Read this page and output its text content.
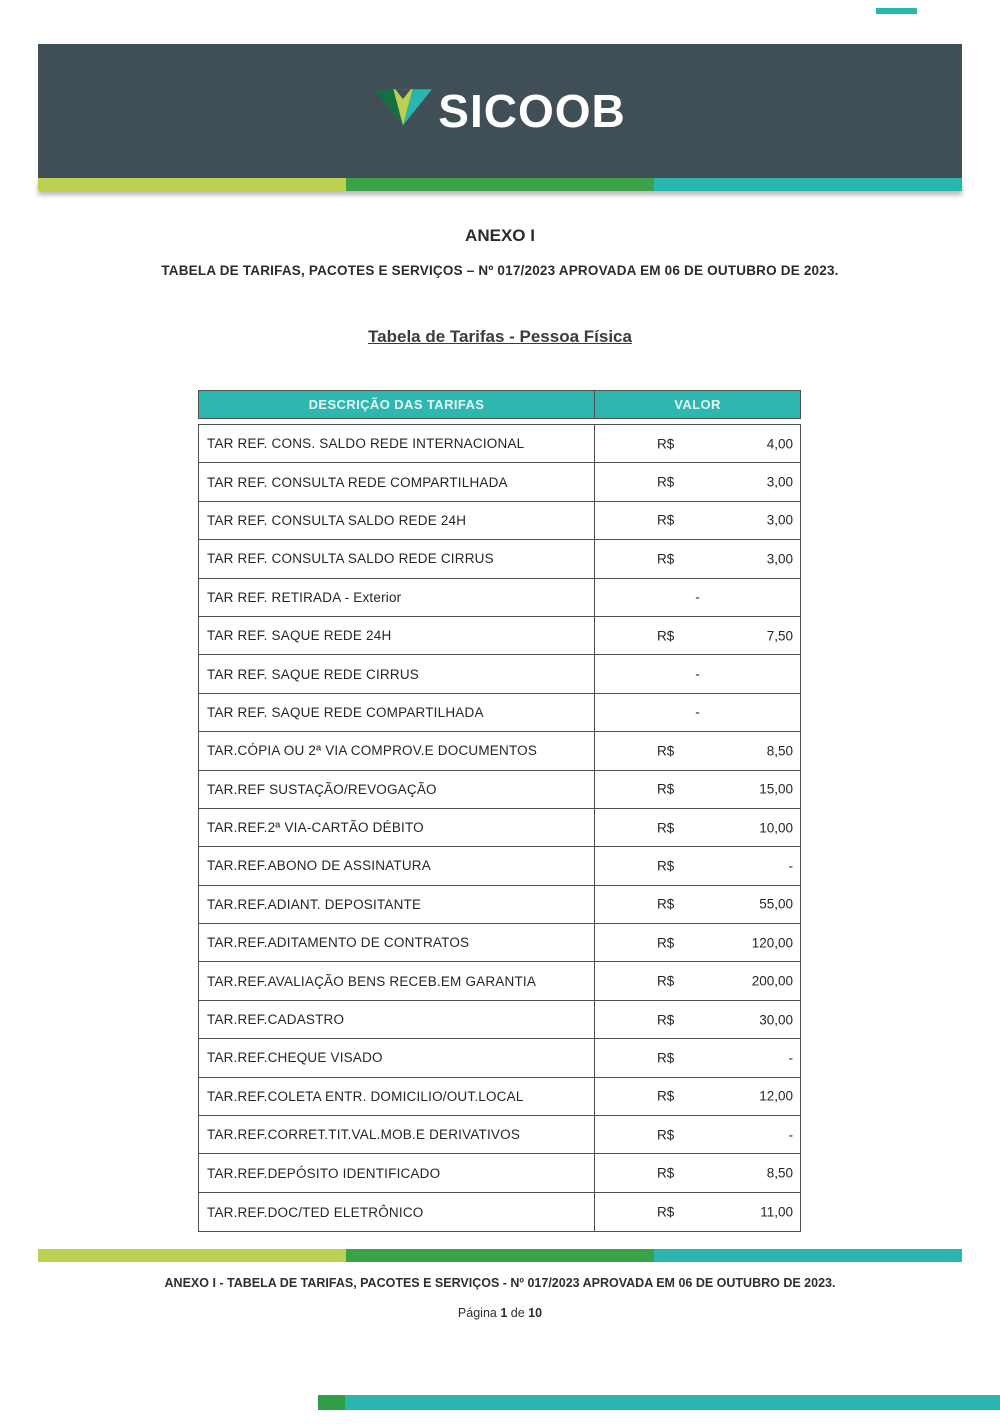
SICOOB
ANEXO I
TABELA DE TARIFAS, PACOTES E SERVIÇOS – Nº 017/2023 APROVADA EM 06 DE OUTUBRO DE 2023.
Tabela de Tarifas - Pessoa Física
DESCRIÇÃO DAS TARIFAS	VALOR
TAR REF. CONS. SALDO REDE INTERNACIONAL	R$	4,00
TAR REF. CONSULTA REDE COMPARTILHADA	R$	3,00
TAR REF. CONSULTA SALDO REDE 24H	R$	3,00
TAR REF. CONSULTA SALDO REDE CIRRUS	R$	3,00
TAR REF. RETIRADA - Exterior	-
TAR REF. SAQUE REDE 24H	R$	7,50
TAR REF. SAQUE REDE CIRRUS	-
TAR REF. SAQUE REDE COMPARTILHADA	-
TAR.CÓPIA OU 2ª VIA COMPROV.E DOCUMENTOS	R$	8,50
TAR.REF SUSTAÇÃO/REVOGAÇÃO	R$	15,00
TAR.REF.2ª VIA-CARTÃO DÉBITO	R$	10,00
TAR.REF.ABONO DE ASSINATURA	R$	-
TAR.REF.ADIANT. DEPOSITANTE	R$	55,00
TAR.REF.ADITAMENTO DE CONTRATOS	R$	120,00
TAR.REF.AVALIAÇÃO BENS RECEB.EM GARANTIA	R$	200,00
TAR.REF.CADASTRO	R$	30,00
TAR.REF.CHEQUE VISADO	R$	-
TAR.REF.COLETA ENTR. DOMICILIO/OUT.LOCAL	R$	12,00
TAR.REF.CORRET.TIT.VAL.MOB.E DERIVATIVOS	R$	-
TAR.REF.DEPÓSITO IDENTIFICADO	R$	8,50
TAR.REF.DOC/TED ELETRÔNICO	R$	11,00
ANEXO I - TABELA DE TARIFAS, PACOTES E SERVIÇOS - Nº 017/2023 APROVADA EM 06 DE OUTUBRO DE 2023.
Página 1 de 10
